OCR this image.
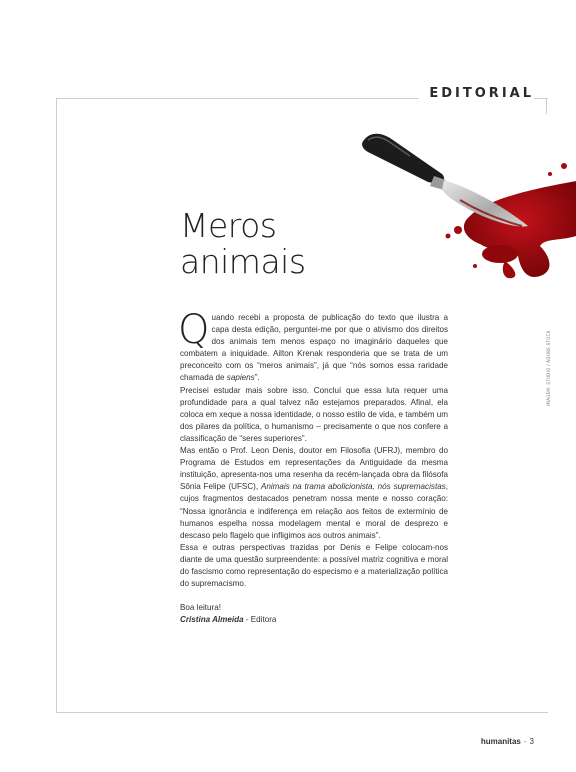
EDITORIAL
IMAGEM: STUDIO / ADOBE STOCK
Meros
animais

Quando recebi a proposta de publicação do texto que ilustra a capa desta edição, perguntei-me por que o ativismo dos direitos dos animais tem menos espaço no imaginário daqueles que combatem a iniquidade. Ailton Krenak responderia que se trata de um preconceito com os “meros animais”, já que “nós somos essa raridade chamada de sapiens”.

Precisei estudar mais sobre isso. Concluí que essa luta requer uma profundidade para a qual talvez não estejamos preparados. Afinal, ela coloca em xeque a nossa identidade, o nosso estilo de vida, e também um dos pilares da política, o humanismo – precisamente o que nos confere a classificação de “seres superiores”.

Mas então o Prof. Leon Denis, doutor em Filosofia (UFRJ), membro do Programa de Estudos em representações da Antiguidade da mesma instituição, apresenta-nos uma resenha da recém-lançada obra da filósofa Sônia Felipe (UFSC), Animais na trama abolicionista, nós supremacistas, cujos fragmentos destacados penetram nossa mente e nosso coração: “Nossa ignorância e indiferença em relação aos feitos de extermínio de humanos espelha nossa modelagem mental e moral de desprezo e descaso pelo flagelo que infligimos aos outros animais”.

Essa e outras perspectivas trazidas por Denis e Felipe colocam-nos diante de uma questão surpreendente: a possível matriz cognitiva e moral do fascismo como representação do especismo e a materialização política do supremacismo.

Boa leitura!

Cristina Almeida - Editora

humanitas - 3
